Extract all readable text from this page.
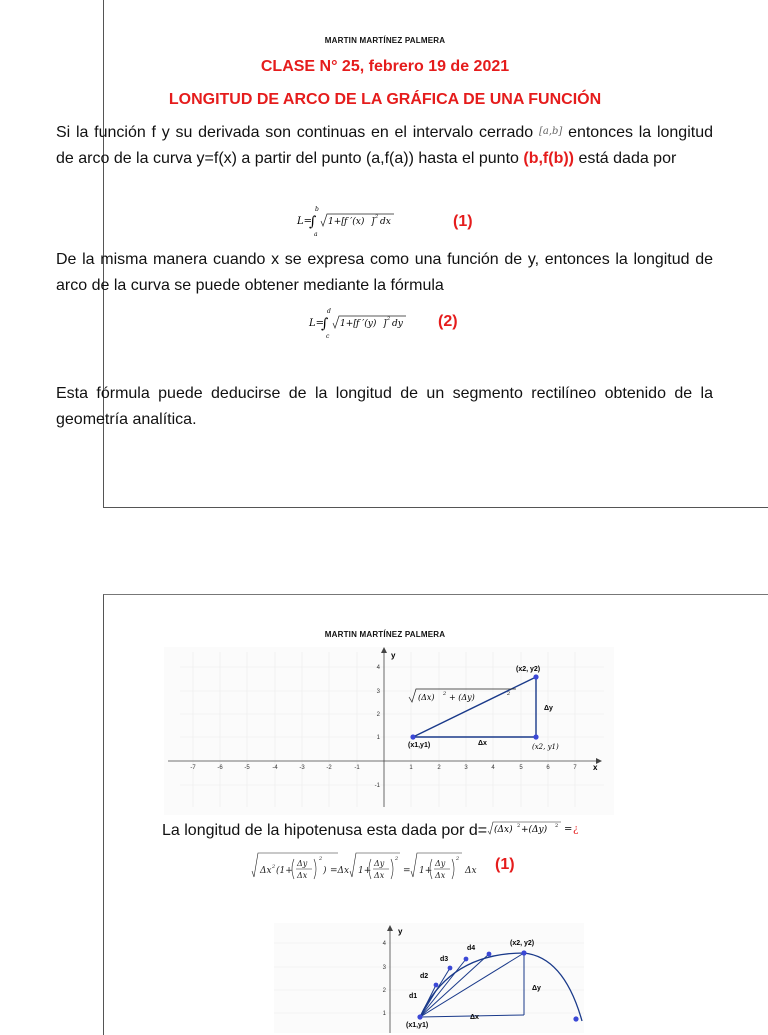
MARTIN MARTÍNEZ PALMERA
CLASE N° 25, febrero 19 de 2021
LONGITUD DE ARCO DE LA GRÁFICA DE UNA FUNCIÓN
Si la función f y su derivada son continuas en el intervalo cerrado [a,b] entonces la longitud de arco de la curva y=f(x) a partir del punto (a,f(a)) hasta el punto (b,f(b)) está dada por
L=
∫
b
a
1+[ f ′(x) ] 2 dx	(1)
De la misma manera cuando x se expresa como una función de y, entonces la longitud de arco de la curva se puede obtener mediante la fórmula
L=
∫
d
c
1+[ f ′(y) ] 2 dy (2)
Esta fórmula puede deducirse de la longitud de un segmento rectilíneo obtenido de la geometría analítica.
MARTIN MARTÍNEZ PALMERA
y
x
-7	-6	-5	-4	-3	-2	-1	1	2	3	4	5	6	7
4
3
2
1
-1
(x1,y1)
(x2, y2)
(x2, y1)
Δx
Δy
(Δx) 2 + (Δy)	2
La longitud de la hipotenusa esta dada por d= (Δx) 2 +(Δy) 2 = ¿
Δx 2 (1+
Δy
Δx
2
) =Δx 1+
Δy
Δx
2
= 1+
Δy
Δx
2
Δx (1)
y
4
3
2
1
(x2, y2)
(x1,y1)
Δx
Δy
d1
d2
d3
d4
